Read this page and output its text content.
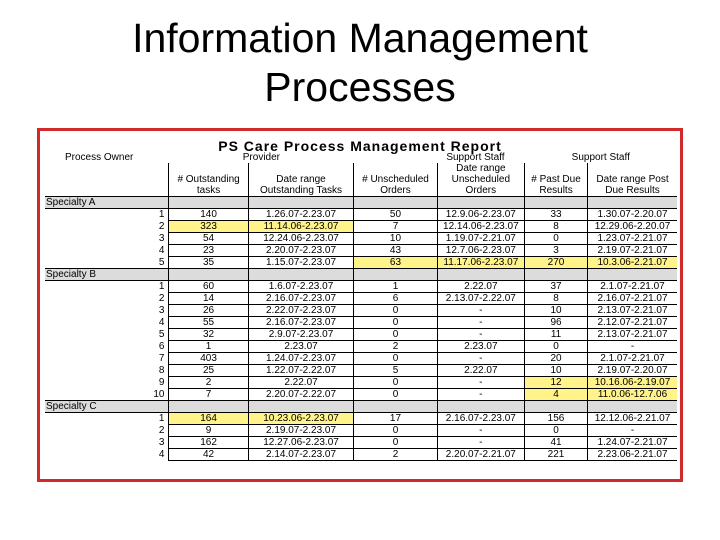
Information Management
Processes
PS Care Process Management Report
Process Owner		Provider		Support Staff		Support Staff	
					Date range		
		# Outstanding	Date range	# Unscheduled	Unscheduled	# Past Due	Date range Post
		tasks	Outstanding Tasks	Orders	Orders	Results	Due Results
Specialty A							
	1	140	1.26.07-2.23.07	50	12.9.06-2.23.07	33	1.30.07-2.20.07
	2	323	11.14.06-2.23.07	7	12.14.06-2.23.07	8	12.29.06-2.20.07
	3	54	12.24.06-2.23.07	10	1.19.07-2.21.07	0	1.23.07-2.21.07
	4	23	2.20.07-2.23.07	43	12.7.06-2.23.07	3	2.19.07-2.21.07
	5	35	1.15.07-2.23.07	63	11.17.06-2.23.07	270	10.3.06-2.21.07
Specialty B							
	1	60	1.6.07-2.23.07	1	2.22.07	37	2.1.07-2.21.07
	2	14	2.16.07-2.23.07	6	2.13.07-2.22.07	8	2.16.07-2.21.07
	3	26	2.22.07-2.23.07	0	-	10	2.13.07-2.21.07
	4	55	2.16.07-2.23.07	0	-	96	2.12.07-2.21.07
	5	32	2.9.07-2.23.07	0	-	11	2.13.07-2.21.07
	6	1	2.23.07	2	2.23.07	0	-
	7	403	1.24.07-2.23.07	0	-	20	2.1.07-2.21.07
	8	25	1.22.07-2.22.07	5	2.22.07	10	2.19.07-2.20.07
	9	2	2.22.07	0	-	12	10.16.06-2.19.07
	10	7	2.20.07-2.22.07	0	-	4	11.0.06-12.7.06
Specialty C							
	1	164	10.23.06-2.23.07	17	2.16.07-2.23.07	156	12.12.06-2.21.07
	2	9	2.19.07-2.23.07	0	-	0	-
	3	162	12.27.06-2.23.07	0	-	41	1.24.07-2.21.07
	4	42	2.14.07-2.23.07	2	2.20.07-2.21.07	221	2.23.06-2.21.07
